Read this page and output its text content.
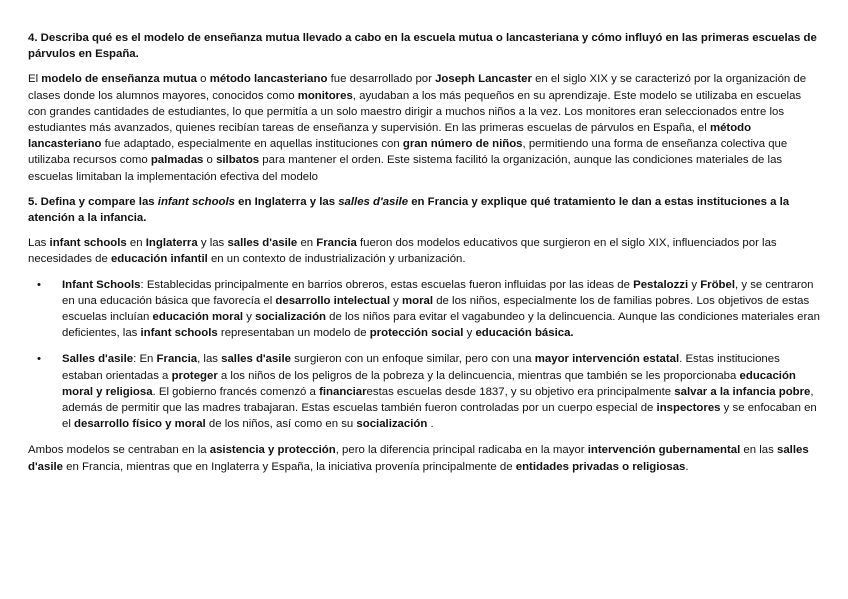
4. Describa qué es el modelo de enseñanza mutua llevado a cabo en la escuela mutua o lancasteriana y cómo influyó en las primeras escuelas de párvulos en España.
El modelo de enseñanza mutua o método lancasteriano fue desarrollado por Joseph Lancaster en el siglo XIX y se caracterizó por la organización de clases donde los alumnos mayores, conocidos como monitores, ayudaban a los más pequeños en su aprendizaje. Este modelo se utilizaba en escuelas con grandes cantidades de estudiantes, lo que permitía a un solo maestro dirigir a muchos niños a la vez. Los monitores eran seleccionados entre los estudiantes más avanzados, quienes recibían tareas de enseñanza y supervisión. En las primeras escuelas de párvulos en España, el método lancasteriano fue adaptado, especialmente en aquellas instituciones con gran número de niños, permitiendo una forma de enseñanza colectiva que utilizaba recursos como palmadas o silbatos para mantener el orden. Este sistema facilitó la organización, aunque las condiciones materiales de las escuelas limitaban la implementación efectiva del modelo
5. Defina y compare las infant schools en Inglaterra y las salles d'asile en Francia y explique qué tratamiento le dan a estas instituciones a la atención a la infancia.
Las infant schools en Inglaterra y las salles d'asile en Francia fueron dos modelos educativos que surgieron en el siglo XIX, influenciados por las necesidades de educación infantil en un contexto de industrialización y urbanización.
• Infant Schools: Establecidas principalmente en barrios obreros, estas escuelas fueron influidas por las ideas de Pestalozzi y Fröbel, y se centraron en una educación básica que favorecía el desarrollo intelectual y moral de los niños, especialmente los de familias pobres. Los objetivos de estas escuelas incluían educación moral y socialización de los niños para evitar el vagabundeo y la delincuencia. Aunque las condiciones materiales eran deficientes, las infant schools representaban un modelo de protección social y educación básica.
• Salles d'asile: En Francia, las salles d'asile surgieron con un enfoque similar, pero con una mayor intervención estatal. Estas instituciones estaban orientadas a proteger a los niños de los peligros de la pobreza y la delincuencia, mientras que también se les proporcionaba educación moral y religiosa. El gobierno francés comenzó a financiarestas escuelas desde 1837, y su objetivo era principalmente salvar a la infancia pobre, además de permitir que las madres trabajaran. Estas escuelas también fueron controladas por un cuerpo especial de inspectores y se enfocaban en el desarrollo físico y moral de los niños, así como en su socialización .
Ambos modelos se centraban en la asistencia y protección, pero la diferencia principal radicaba en la mayor intervención gubernamental en las salles d'asile en Francia, mientras que en Inglaterra y España, la iniciativa provenía principalmente de entidades privadas o religiosas.
